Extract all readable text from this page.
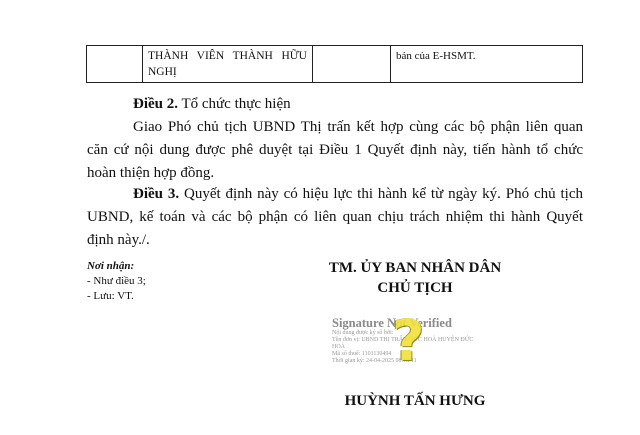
THÀNH VIÊN THÀNH HỮU
NGHỊ
bản của E-HSMT.
Điều 2. Tổ chức thực hiện
Giao Phó chủ tịch UBND Thị trấn kết hợp cùng các bộ phận liên quan
căn cứ nội dung được phê duyệt tại Điều 1 Quyết định này, tiến hành tổ chức
hoàn thiện hợp đồng.
Điều 3. Quyết định này có hiệu lực thi hành kể từ ngày ký. Phó chủ tịch
UBND, kế toán và các bộ phận có liên quan chịu trách nhiệm thi hành Quyết
định này./.
Nơi nhận:
- Như điều 3;
- Lưu: VT.
TM. ỦY BAN NHÂN DÂN
CHỦ TỊCH
Signature Not Verified
Nội dung được ký số bởi:
Tên đơn vị: UBND THỊ TRẤN ĐỨC HOÀ HUYỆN ĐỨC
HOÀ
Mã số thuế: 1101130494
Thời gian ký: 24-04-2025 08:18:11
?
HUỲNH TẤN HƯNG
